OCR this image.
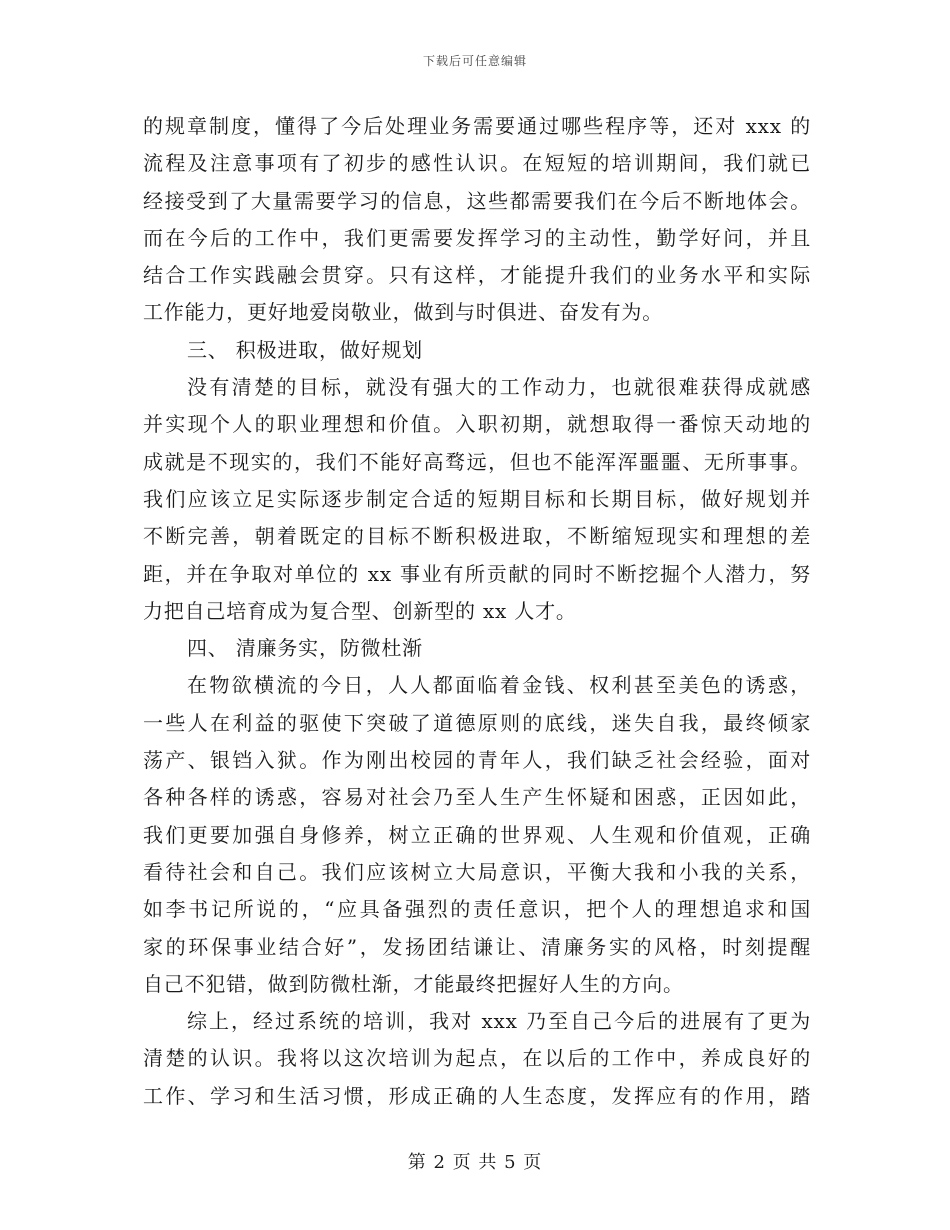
下载后可任意编辑
的规章制度，懂得了今后处理业务需要通过哪些程序等，还对 xxx 的
流程及注意事项有了初步的感性认识。在短短的培训期间，我们就已
经接受到了大量需要学习的信息，这些都需要我们在今后不断地体会。
而在今后的工作中，我们更需要发挥学习的主动性，勤学好问，并且
结合工作实践融会贯穿。只有这样，才能提升我们的业务水平和实际
工作能力，更好地爱岗敬业，做到与时俱进、奋发有为。
三、 积极进取，做好规划
没有清楚的目标，就没有强大的工作动力，也就很难获得成就感
并实现个人的职业理想和价值。入职初期，就想取得一番惊天动地的
成就是不现实的，我们不能好高骛远，但也不能浑浑噩噩、无所事事。
我们应该立足实际逐步制定合适的短期目标和长期目标，做好规划并
不断完善，朝着既定的目标不断积极进取，不断缩短现实和理想的差
距，并在争取对单位的 xx 事业有所贡献的同时不断挖掘个人潜力，努
力把自己培育成为复合型、创新型的 xx 人才。
四、 清廉务实，防微杜渐
在物欲横流的今日，人人都面临着金钱、权利甚至美色的诱惑，
一些人在利益的驱使下突破了道德原则的底线，迷失自我，最终倾家
荡产、银铛入狱。作为刚出校园的青年人，我们缺乏社会经验，面对
各种各样的诱惑，容易对社会乃至人生产生怀疑和困惑，正因如此，
我们更要加强自身修养，树立正确的世界观、人生观和价值观，正确
看待社会和自己。我们应该树立大局意识，平衡大我和小我的关系，
如李书记所说的，“应具备强烈的责任意识，把个人的理想追求和国
家的环保事业结合好”，发扬团结谦让、清廉务实的风格，时刻提醒
自己不犯错，做到防微杜渐，才能最终把握好人生的方向。
综上，经过系统的培训，我对 xxx 乃至自己今后的进展有了更为
清楚的认识。我将以这次培训为起点，在以后的工作中，养成良好的
工作、学习和生活习惯，形成正确的人生态度，发挥应有的作用，踏
第 2 页 共 5 页
